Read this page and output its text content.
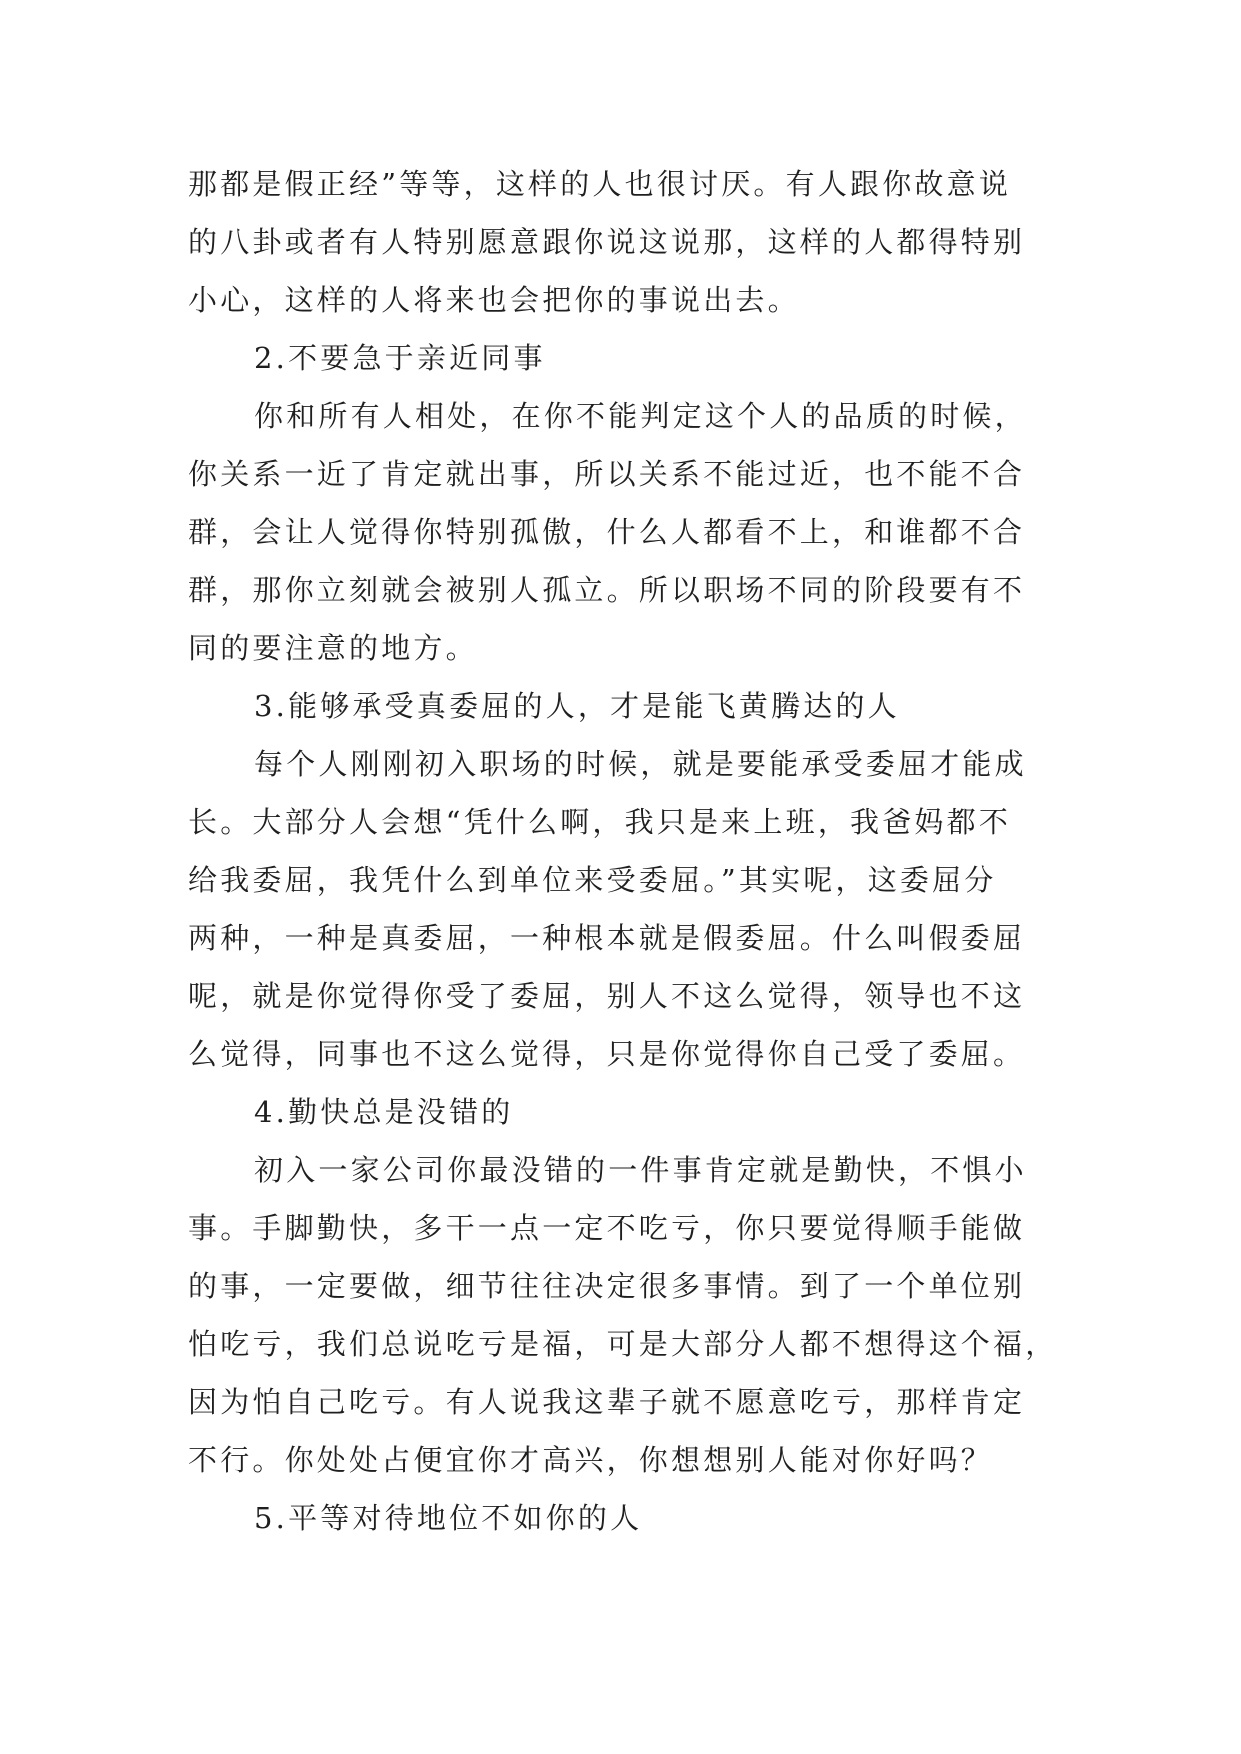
那都是假正经”等等，这样的人也很讨厌。有人跟你故意说
的八卦或者有人特别愿意跟你说这说那，这样的人都得特别
小心，这样的人将来也会把你的事说出去。
2.不要急于亲近同事
你和所有人相处，在你不能判定这个人的品质的时候，
你关系一近了肯定就出事，所以关系不能过近，也不能不合
群，会让人觉得你特别孤傲，什么人都看不上，和谁都不合
群，那你立刻就会被别人孤立。所以职场不同的阶段要有不
同的要注意的地方。
3.能够承受真委屈的人，才是能飞黄腾达的人
每个人刚刚初入职场的时候，就是要能承受委屈才能成
长。大部分人会想“凭什么啊，我只是来上班，我爸妈都不
给我委屈，我凭什么到单位来受委屈。”其实呢，这委屈分
两种，一种是真委屈，一种根本就是假委屈。什么叫假委屈
呢，就是你觉得你受了委屈，别人不这么觉得，领导也不这
么觉得，同事也不这么觉得，只是你觉得你自己受了委屈。
4.勤快总是没错的
初入一家公司你最没错的一件事肯定就是勤快，不惧小
事。手脚勤快，多干一点一定不吃亏，你只要觉得顺手能做
的事，一定要做，细节往往决定很多事情。到了一个单位别
怕吃亏，我们总说吃亏是福，可是大部分人都不想得这个福，
因为怕自己吃亏。有人说我这辈子就不愿意吃亏，那样肯定
不行。你处处占便宜你才高兴，你想想别人能对你好吗？
5.平等对待地位不如你的人
